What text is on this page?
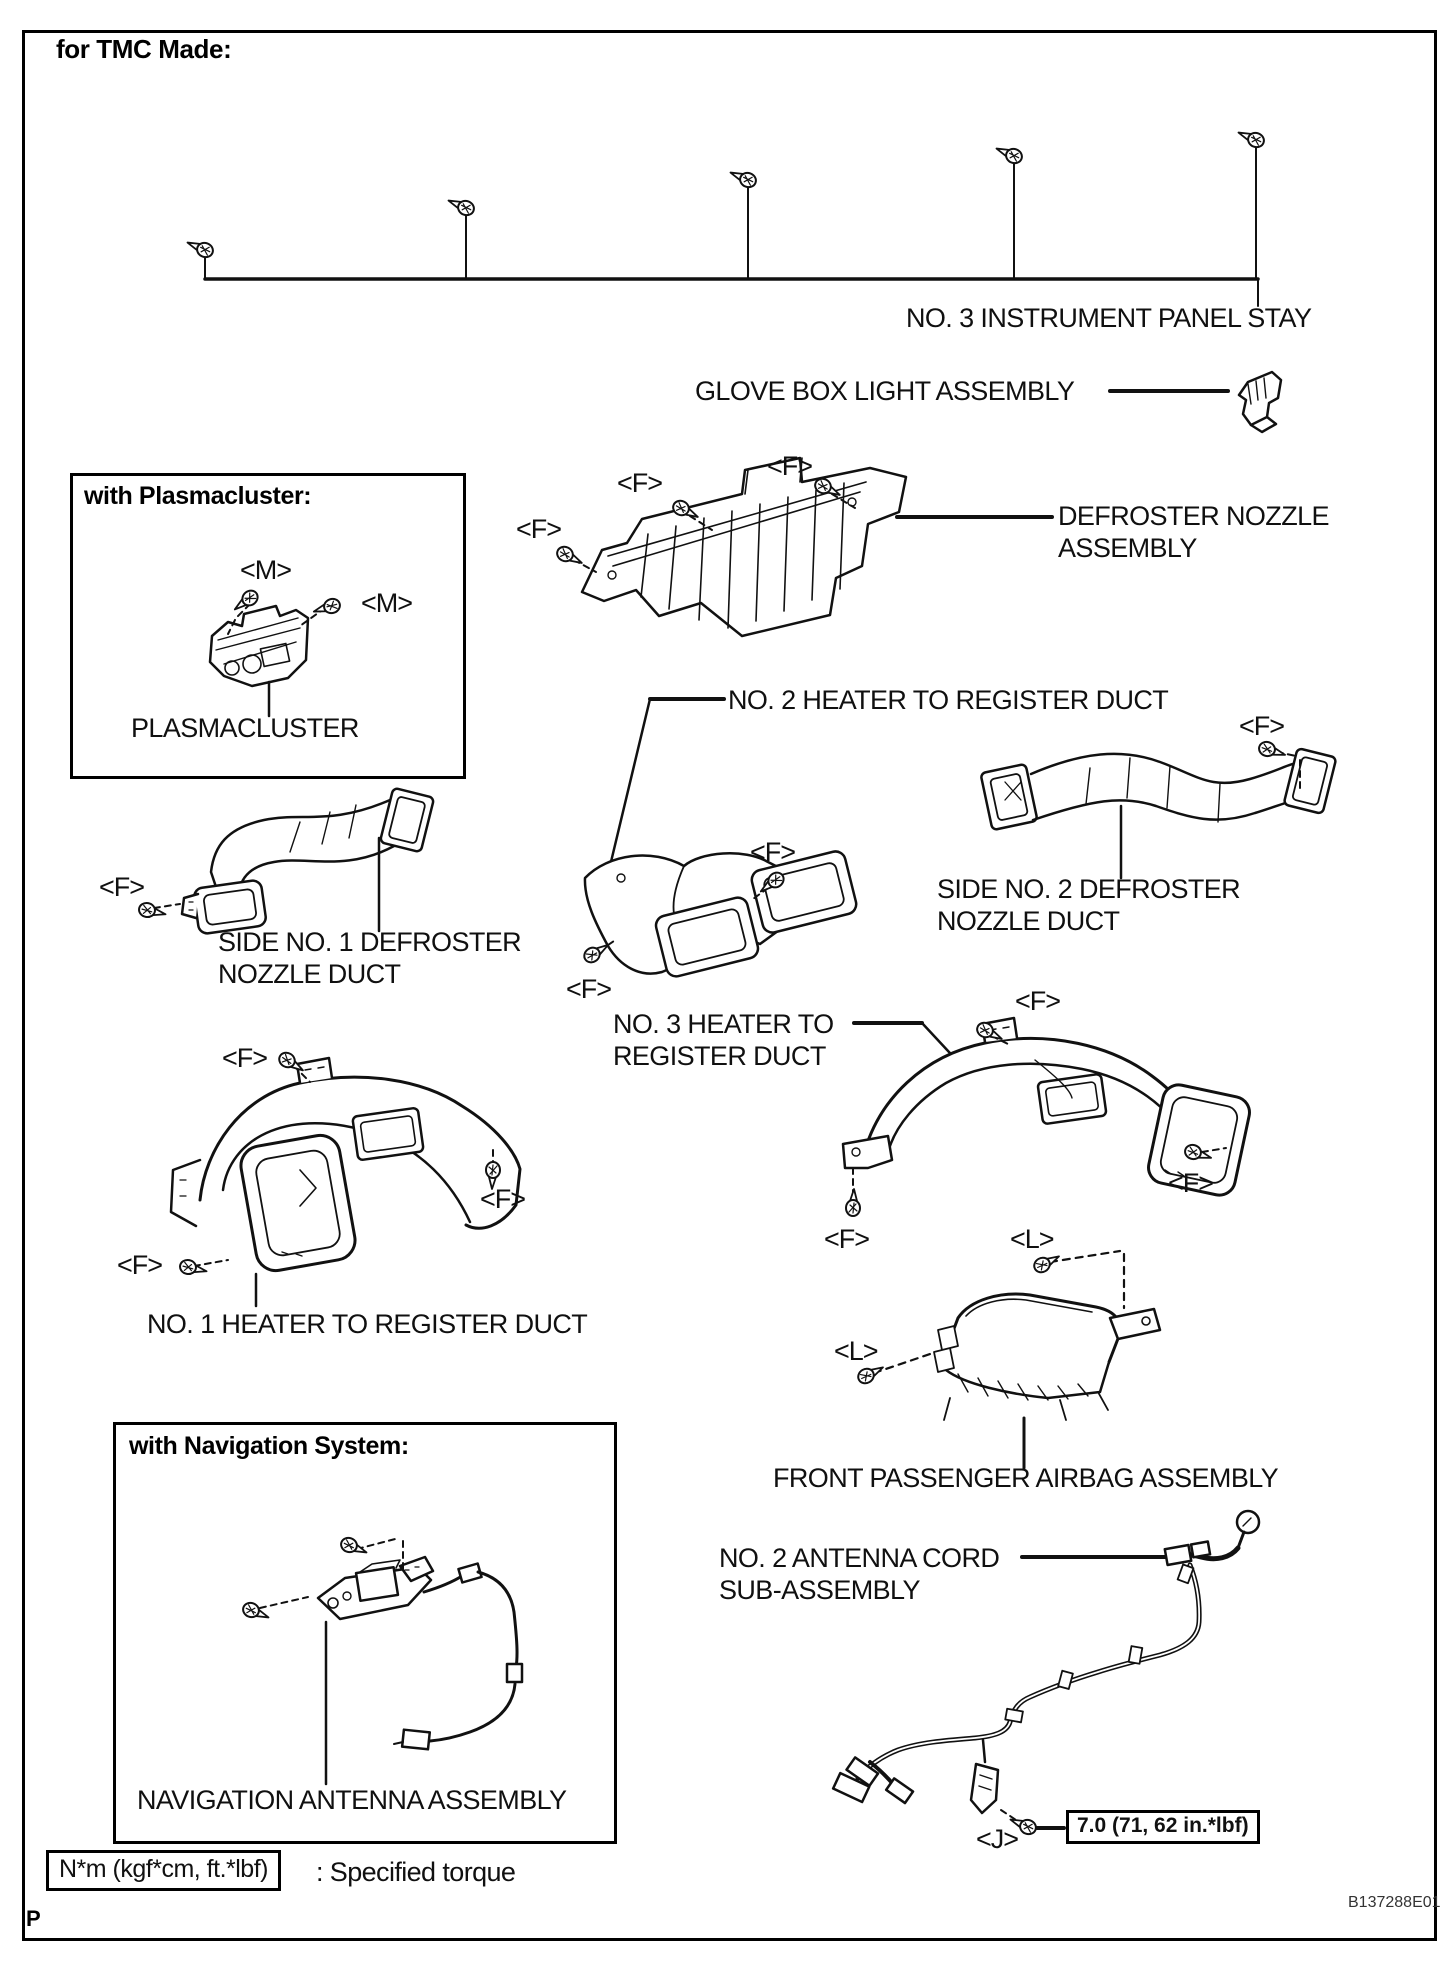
for TMC Made:
NO. 3 INSTRUMENT PANEL STAY
GLOVE BOX LIGHT ASSEMBLY
with Plasmacluster:
PLASMACLUSTER
DEFROSTER NOZZLE
ASSEMBLY
NO. 2 HEATER TO REGISTER DUCT
SIDE NO. 1 DEFROSTER
NOZZLE DUCT
SIDE NO. 2 DEFROSTER
NOZZLE DUCT
NO. 3 HEATER TO
REGISTER DUCT
NO. 1 HEATER TO REGISTER DUCT
FRONT PASSENGER AIRBAG ASSEMBLY
with Navigation System:
NAVIGATION ANTENNA ASSEMBLY
NO. 2 ANTENNA CORD
SUB-ASSEMBLY
7.0 (71, 62 in.*lbf)
N*m (kgf*cm, ft.*lbf)	: Specified torque
B137288E01
P
<F>
<F>
<F>
<M>
<M>
<F>
<F>
<F>
<F>
<F>
<F>
<F>
<L>
<L>
<F>
<F>
<F>
<J>
